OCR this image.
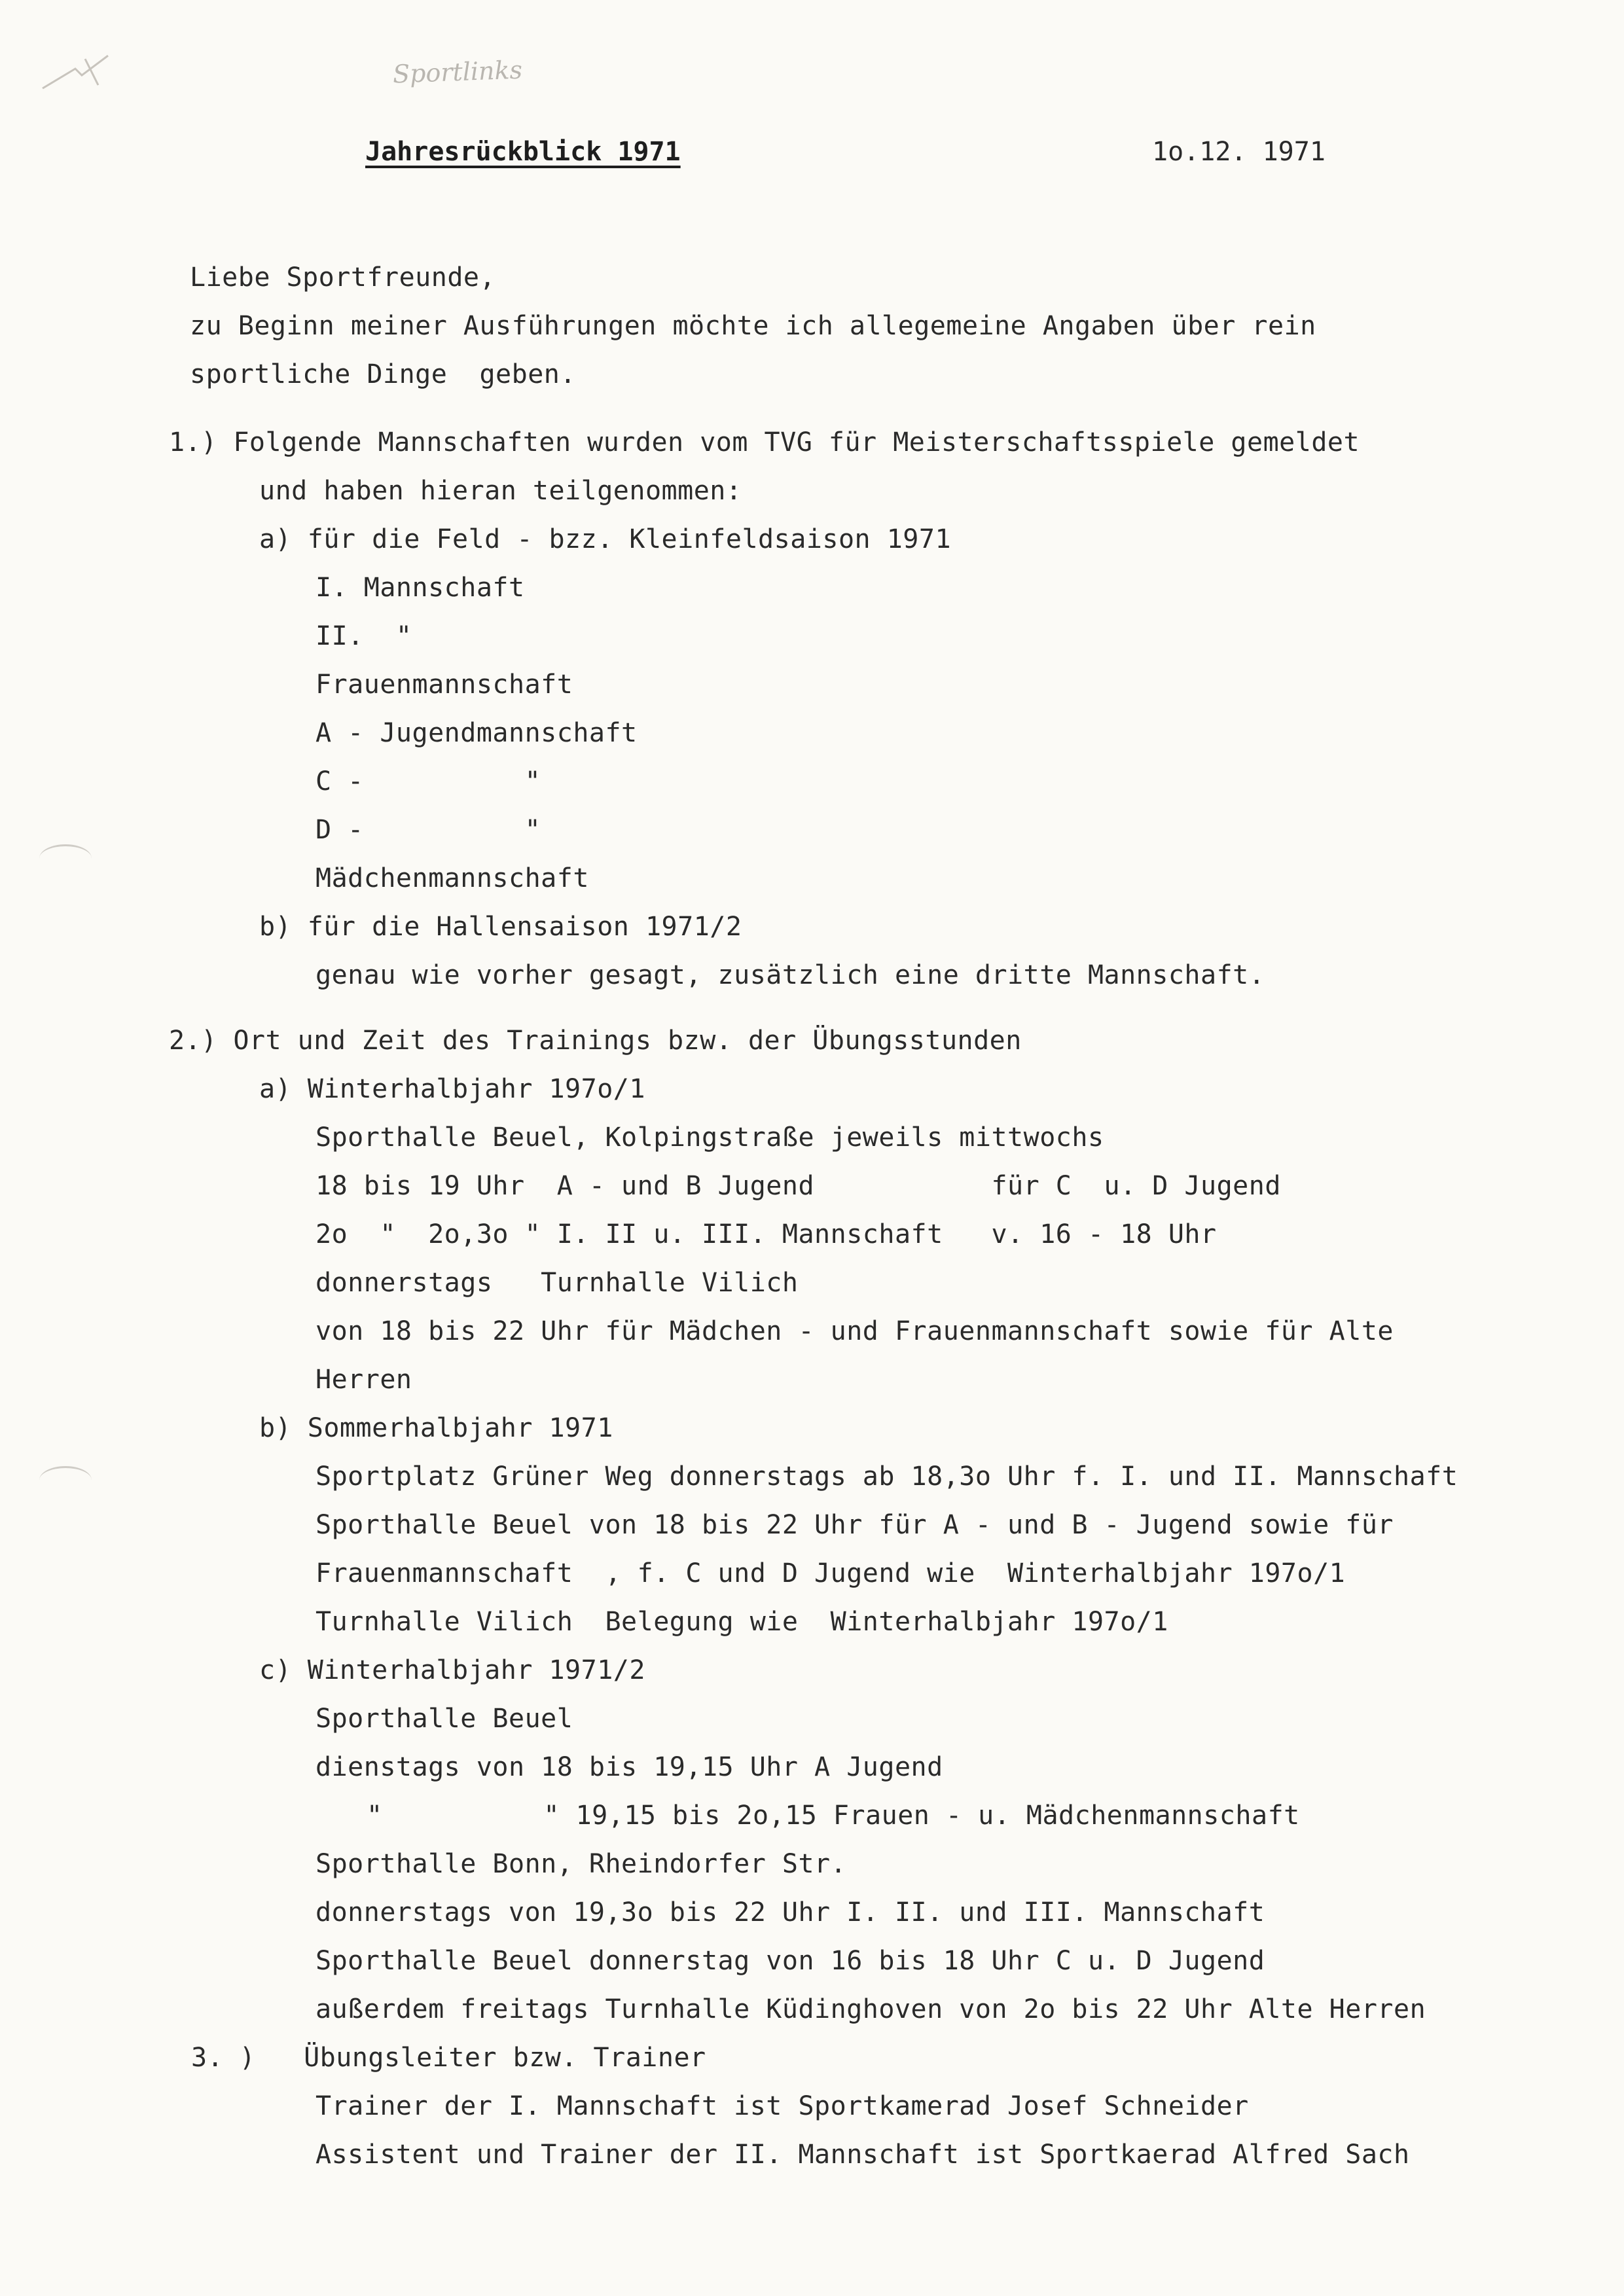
Sportlinks
Jahresrückblick 1971	1o.12. 1971
Liebe Sportfreunde,
zu Beginn meiner Ausführungen möchte ich allegemeine Angaben über rein
sportliche Dinge  geben.
1.) Folgende Mannschaften wurden vom TVG für Meisterschaftsspiele gemeldet
und haben hieran teilgenommen:
a) für die Feld - bzz. Kleinfeldsaison 1971
I. Mannschaft
II.  "
Frauenmannschaft
A - Jugendmannschaft
C -          "
D -          "
Mädchenmannschaft
b) für die Hallensaison 1971/2
genau wie vorher gesagt, zusätzlich eine dritte Mannschaft.
2.) Ort und Zeit des Trainings bzw. der Übungsstunden
a) Winterhalbjahr 197o/1
Sporthalle Beuel, Kolpingstraße jeweils mittwochs
18 bis 19 Uhr  A - und B Jugend           für C  u. D Jugend
2o  "  2o,3o " I. II u. III. Mannschaft   v. 16 - 18 Uhr
donnerstags   Turnhalle Vilich
von 18 bis 22 Uhr für Mädchen - und Frauenmannschaft sowie für Alte
Herren
b) Sommerhalbjahr 1971
Sportplatz Grüner Weg donnerstags ab 18,3o Uhr f. I. und II. Mannschaft
Sporthalle Beuel von 18 bis 22 Uhr für A - und B - Jugend sowie für
Frauenmannschaft  , f. C und D Jugend wie  Winterhalbjahr 197o/1
Turnhalle Vilich  Belegung wie  Winterhalbjahr 197o/1
c) Winterhalbjahr 1971/2
Sporthalle Beuel
dienstags von 18 bis 19,15 Uhr A Jugend
"          " 19,15 bis 2o,15 Frauen - u. Mädchenmannschaft
Sporthalle Bonn, Rheindorfer Str.
donnerstags von 19,3o bis 22 Uhr I. II. und III. Mannschaft
Sporthalle Beuel donnerstag von 16 bis 18 Uhr C u. D Jugend
außerdem freitags Turnhalle Küdinghoven von 2o bis 22 Uhr Alte Herren
3. )   Übungsleiter bzw. Trainer
Trainer der I. Mannschaft ist Sportkamerad Josef Schneider
Assistent und Trainer der II. Mannschaft ist Sportkaerad Alfred Sach
